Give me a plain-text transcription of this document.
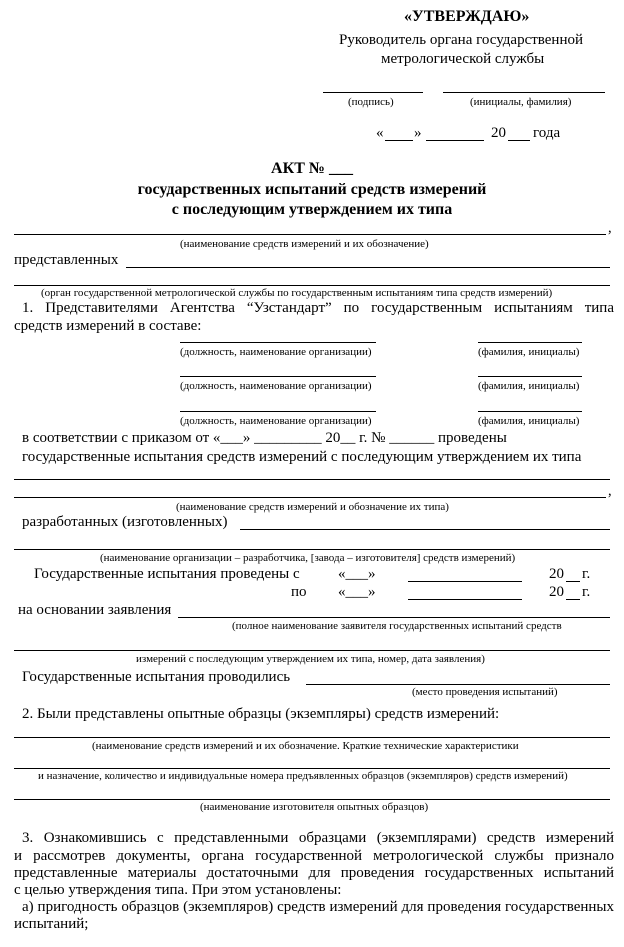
«УТВЕРЖДАЮ»
Руководитель органа государственной
метрологической службы
(подпись)	(инициалы, фамилия)
« »	20 года
АКТ № ___
государственных испытаний средств измерений
с последующим утверждением их типа
,
(наименование средств измерений и их обозначение)
представленных
(орган государственной метрологической службы по государственным испытаниям типа средств измерений)
1. Представителями Агентства “Узстандарт” по государственным испытаниям типа
средств измерений в составе:
(должность, наименование организации)	(фамилия, инициалы)
(должность, наименование организации)	(фамилия, инициалы)
(должность, наименование организации)	(фамилия, инициалы)
в соответствии с приказом от «___» _________ 20__ г. № ______ проведены
государственные испытания средств измерений с последующим утверждением их типа
,
(наименование средств измерений и обозначение их типа)
разработанных (изготовленных)
(наименование организации – разработчика, [завода – изготовителя] средств измерений)
Государственные испытания проведены с	«___»	20 г.
по «___»	20 г.
на основании заявления
(полное наименование заявителя государственных испытаний средств
измерений с последующим утверждением их типа, номер, дата заявления)
Государственные испытания проводились
(место проведения испытаний)
2. Были представлены опытные образцы (экземпляры) средств измерений:
(наименование средств измерений и их обозначение. Краткие технические характеристики
и назначение, количество и индивидуальные номера предъявленных образцов (экземпляров) средств измерений)
(наименование изготовителя опытных образцов)
3. Ознакомившись с представленными образцами (экземплярами) средств измерений
и рассмотрев документы, органа государственной метрологической службы признало
представленные материалы достаточными для проведения государственных испытаний
с целью утверждения типа. При этом установлены:
а) пригодность образцов (экземпляров) средств измерений для проведения государственных
испытаний;
